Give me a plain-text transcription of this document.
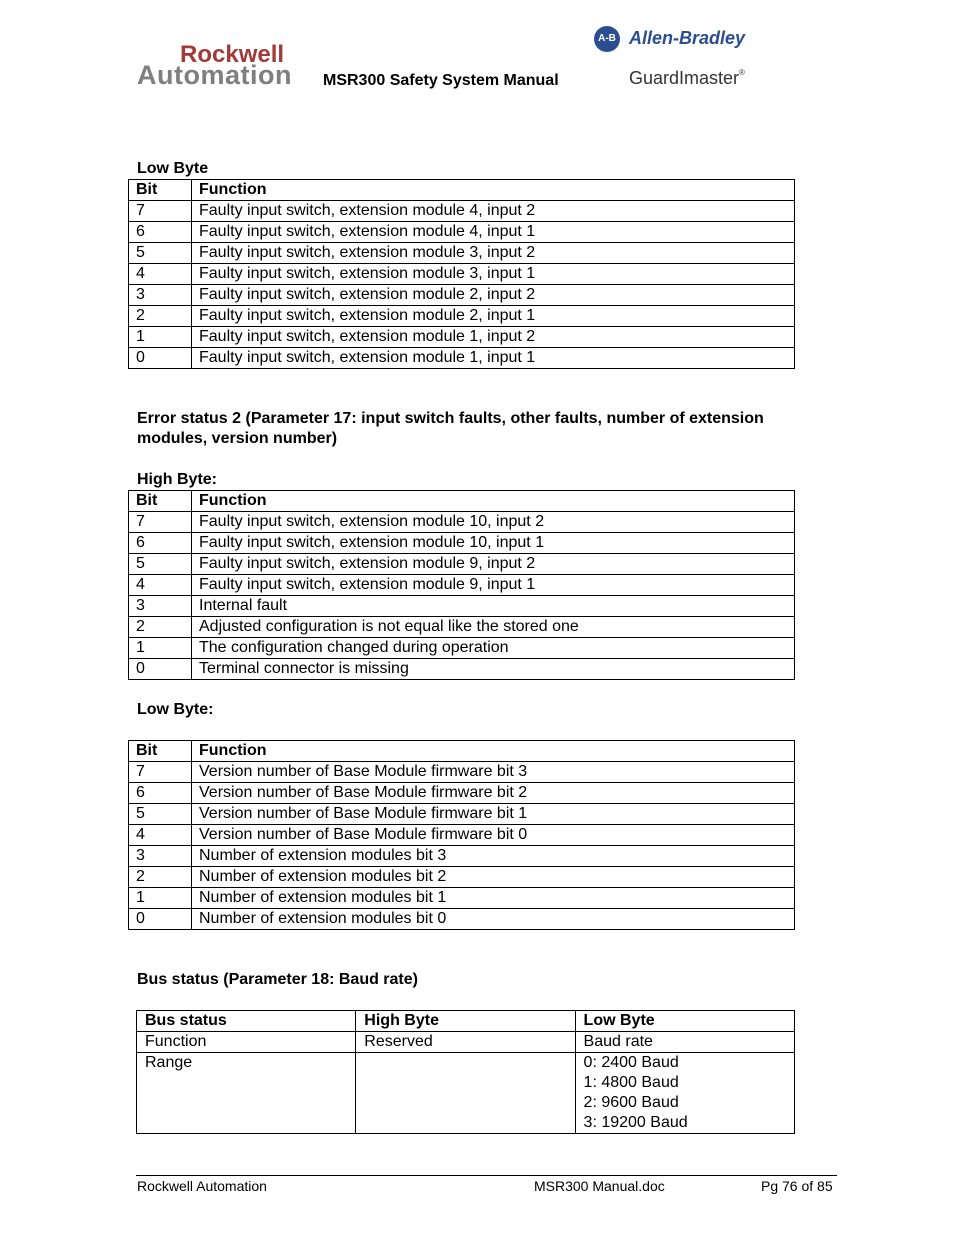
Rockwell
Automation MSR300 Safety System Manual
A-B Allen-Bradley
GuardImaster®
Low Byte
Bit	Function
7	Faulty input switch, extension module 4, input 2
6	Faulty input switch, extension module 4, input 1
5	Faulty input switch, extension module 3, input 2
4	Faulty input switch, extension module 3, input 1
3	Faulty input switch, extension module 2, input 2
2	Faulty input switch, extension module 2, input 1
1	Faulty input switch, extension module 1, input 2
0	Faulty input switch, extension module 1, input 1
Error status 2 (Parameter 17: input switch faults, other faults, number of extension
modules, version number)
High Byte:
Bit	Function
7	Faulty input switch, extension module 10, input 2
6	Faulty input switch, extension module 10, input 1
5	Faulty input switch, extension module 9, input 2
4	Faulty input switch, extension module 9, input 1
3	Internal fault
2	Adjusted configuration is not equal like the stored one
1	The configuration changed during operation
0	Terminal connector is missing
Low Byte:
Bit	Function
7	Version number of Base Module firmware bit 3
6	Version number of Base Module firmware bit 2
5	Version number of Base Module firmware bit 1
4	Version number of Base Module firmware bit 0
3	Number of extension modules bit 3
2	Number of extension modules bit 2
1	Number of extension modules bit 1
0	Number of extension modules bit 0
Bus status (Parameter 18: Baud rate)
Bus status	High Byte	Low Byte
Function	Reserved	Baud rate
Range		0: 2400 Baud
1: 4800 Baud
2: 9600 Baud
3: 19200 Baud
Rockwell Automation	MSR300 Manual.doc	Pg 76 of 85
